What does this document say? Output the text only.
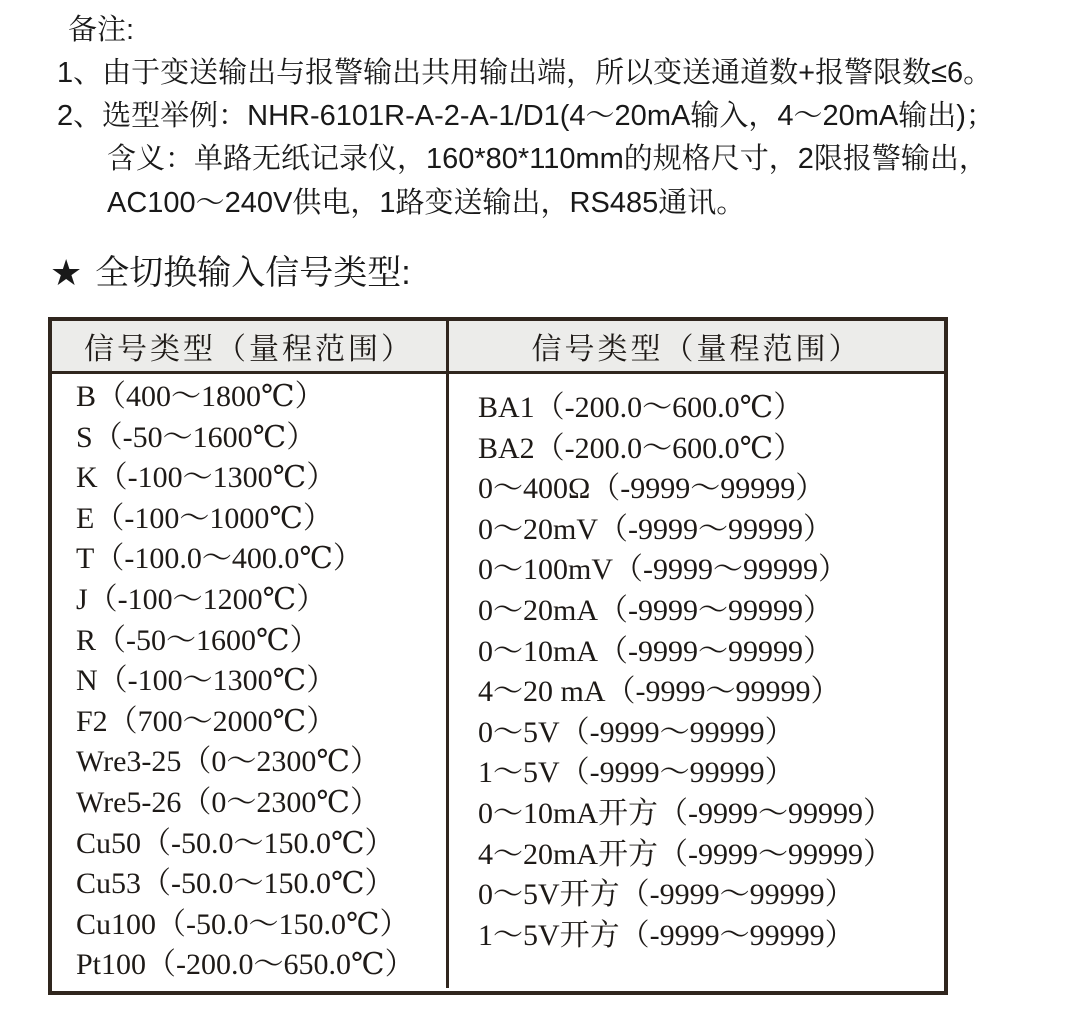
备注:
1、由于变送输出与报警输出共用输出端，所以变送通道数+报警限数≤6。
2、选型举例：NHR-6101R-A-2-A-1/D1(4～20mA输入，4～20mA输出)；
含义：单路无纸记录仪，160*80*110mm的规格尺寸，2限报警输出，
AC100～240V供电，1路变送输出，RS485通讯。
★ 全切换输入信号类型:
信号类型（量程范围）	信号类型（量程范围）
B（400～1800℃）
S（-50～1600℃）
K（-100～1300℃）
E（-100～1000℃）
T（-100.0～400.0℃）
J（-100～1200℃）
R（-50～1600℃）
N（-100～1300℃）
F2（700～2000℃）
Wre3-25（0～2300℃）
Wre5-26（0～2300℃）
Cu50（-50.0～150.0℃）
Cu53（-50.0～150.0℃）
Cu100（-50.0～150.0℃）
Pt100（-200.0～650.0℃）
BA1（-200.0～600.0℃）
BA2（-200.0～600.0℃）
0～400Ω（-9999～99999）
0～20mV（-9999～99999）
0～100mV（-9999～99999）
0～20mA（-9999～99999）
0～10mA（-9999～99999）
4～20 mA（-9999～99999）
0～5V（-9999～99999）
1～5V（-9999～99999）
0～10mA开方（-9999～99999）
4～20mA开方（-9999～99999）
0～5V开方（-9999～99999）
1～5V开方（-9999～99999）
